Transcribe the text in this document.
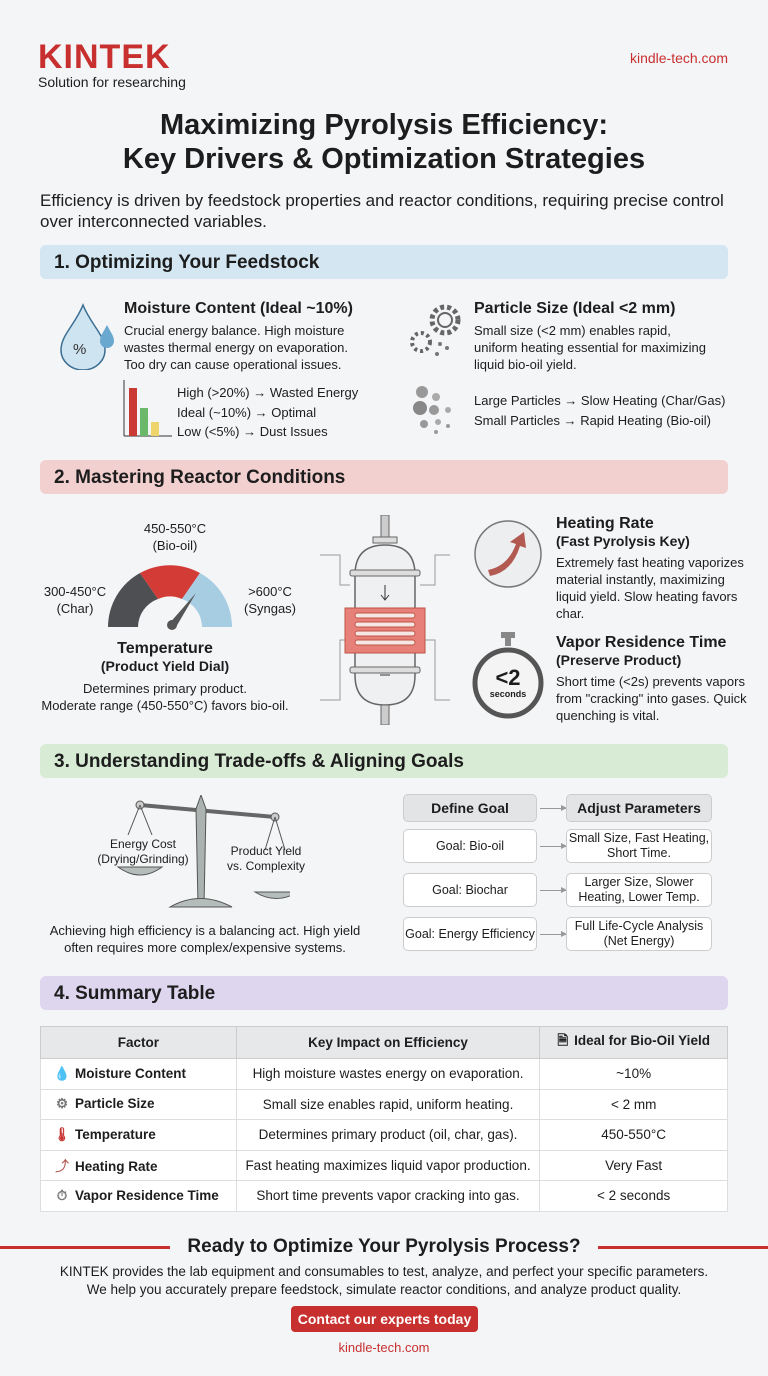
KINTEK
Solution for researching
kindle-tech.com
Maximizing Pyrolysis Efficiency:
Key Drivers & Optimization Strategies
Efficiency is driven by feedstock properties and reactor conditions, requiring precise control over interconnected variables.
1. Optimizing Your Feedstock
%
Moisture Content (Ideal ~10%)
Crucial energy balance. High moisture wastes thermal energy on evaporation. Too dry can cause operational issues.
High (>20%) → Wasted Energy
Ideal (~10%) → Optimal
Low (<5%) → Dust Issues
Particle Size (Ideal <2 mm)
Small size (<2 mm) enables rapid, uniform heating essential for maximizing liquid bio-oil yield.
Large Particles → Slow Heating (Char/Gas)
Small Particles → Rapid Heating (Bio-oil)
2. Mastering Reactor Conditions
450-550°C
(Bio-oil)
300-450°C
(Char)
>600°C
(Syngas)
Temperature
(Product Yield Dial)
Determines primary product.
Moderate range (450-550°C) favors bio-oil.
Heating Rate
(Fast Pyrolysis Key)
Extremely fast heating vaporizes material instantly, maximizing liquid yield. Slow heating favors char.
<2
seconds
Vapor Residence Time
(Preserve Product)
Short time (<2s) prevents vapors from "cracking" into gases. Quick quenching is vital.
3. Understanding Trade-offs & Aligning Goals
Energy Cost
(Drying/Grinding)
Product Yield
vs. Complexity
Achieving high efficiency is a balancing act. High yield often requires more complex/expensive systems.
Define Goal	Adjust Parameters
Goal: Bio-oil
Small Size, Fast Heating, Short Time.
Goal: Biochar
Larger Size, Slower Heating, Lower Temp.
Goal: Energy Efficiency
Full Life-Cycle Analysis (Net Energy)
4. Summary Table
Factor	Key Impact on Efficiency	🗎 Ideal for Bio-Oil Yield
💧 Moisture Content	High moisture wastes energy on evaporation.	~10%
⚙ Particle Size	Small size enables rapid, uniform heating.	< 2 mm
🌡 Temperature	Determines primary product (oil, char, gas).	450-550°C
⤴ Heating Rate	Fast heating maximizes liquid vapor production.	Very Fast
⏱ Vapor Residence Time	Short time prevents vapor cracking into gas.	< 2 seconds
Ready to Optimize Your Pyrolysis Process?
KINTEK provides the lab equipment and consumables to test, analyze, and perfect your specific parameters.
We help you accurately prepare feedstock, simulate reactor conditions, and analyze product quality.
Contact our experts today
kindle-tech.com
